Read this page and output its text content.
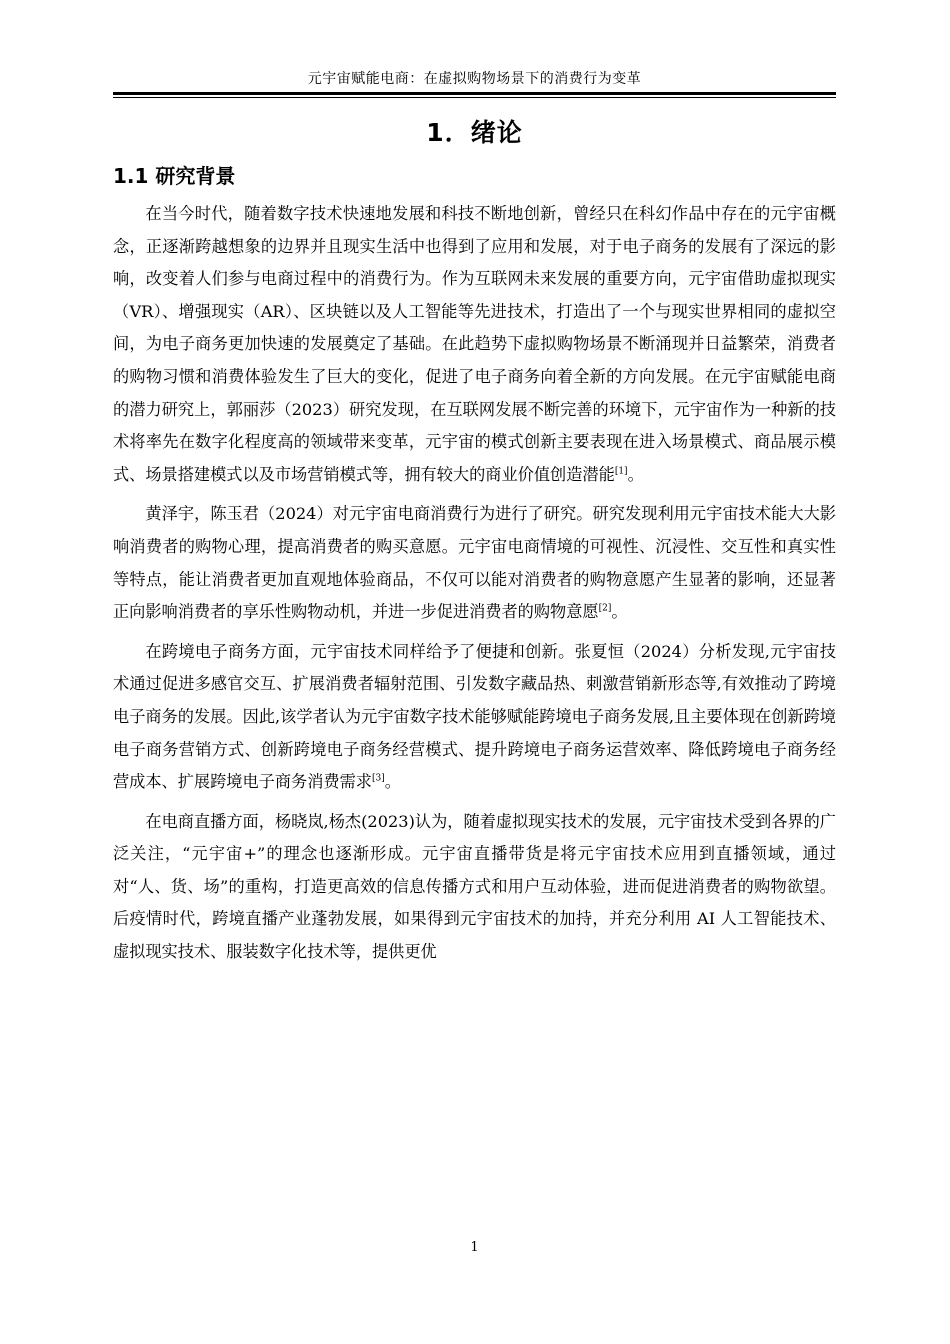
元宇宙赋能电商：在虚拟购物场景下的消费行为变革
1．绪论
1.1 研究背景

在当今时代，随着数字技术快速地发展和科技不断地创新，曾经只在科幻作品中存在的元宇宙概念，正逐渐跨越想象的边界并且现实生活中也得到了应用和发展，对于电子商务的发展有了深远的影响，改变着人们参与电商过程中的消费行为。作为互联网未来发展的重要方向，元宇宙借助虚拟现实（VR）、增强现实（AR）、区块链以及人工智能等先进技术，打造出了一个与现实世界相同的虚拟空间，为电子商务更加快速的发展奠定了基础。在此趋势下虚拟购物场景不断涌现并日益繁荣，消费者的购物习惯和消费体验发生了巨大的变化，促进了电子商务向着全新的方向发展。在元宇宙赋能电商的潜力研究上，郭丽莎（2023）研究发现，在互联网发展不断完善的环境下，元宇宙作为一种新的技术将率先在数字化程度高的领域带来变革，元宇宙的模式创新主要表现在进入场景模式、商品展示模式、场景搭建模式以及市场营销模式等，拥有较大的商业价值创造潜能[1]。

黄泽宇，陈玉君（2024）对元宇宙电商消费行为进行了研究。研究发现利用元宇宙技术能大大影响消费者的购物心理，提高消费者的购买意愿。元宇宙电商情境的可视性、沉浸性、交互性和真实性等特点，能让消费者更加直观地体验商品，不仅可以能对消费者的购物意愿产生显著的影响，还显著正向影响消费者的享乐性购物动机，并进一步促进消费者的购物意愿[2]。

在跨境电子商务方面，元宇宙技术同样给予了便捷和创新。张夏恒（2024）分析发现,元宇宙技术通过促进多感官交互、扩展消费者辐射范围、引发数字藏品热、刺激营销新形态等,有效推动了跨境电子商务的发展。因此,该学者认为元宇宙数字技术能够赋能跨境电子商务发展,且主要体现在创新跨境电子商务营销方式、创新跨境电子商务经营模式、提升跨境电子商务运营效率、降低跨境电子商务经营成本、扩展跨境电子商务消费需求[3]。

在电商直播方面，杨晓岚,杨杰(2023)认为，随着虚拟现实技术的发展，元宇宙技术受到各界的广泛关注，“元宇宙+”的理念也逐渐形成。元宇宙直播带货是将元宇宙技术应用到直播领域，通过对“人、货、场”的重构，打造更高效的信息传播方式和用户互动体验，进而促进消费者的购物欲望。后疫情时代，跨境直播产业蓬勃发展，如果得到元宇宙技术的加持，并充分利用 AI 人工智能技术、虚拟现实技术、服装数字化技术等，提供更优

1
